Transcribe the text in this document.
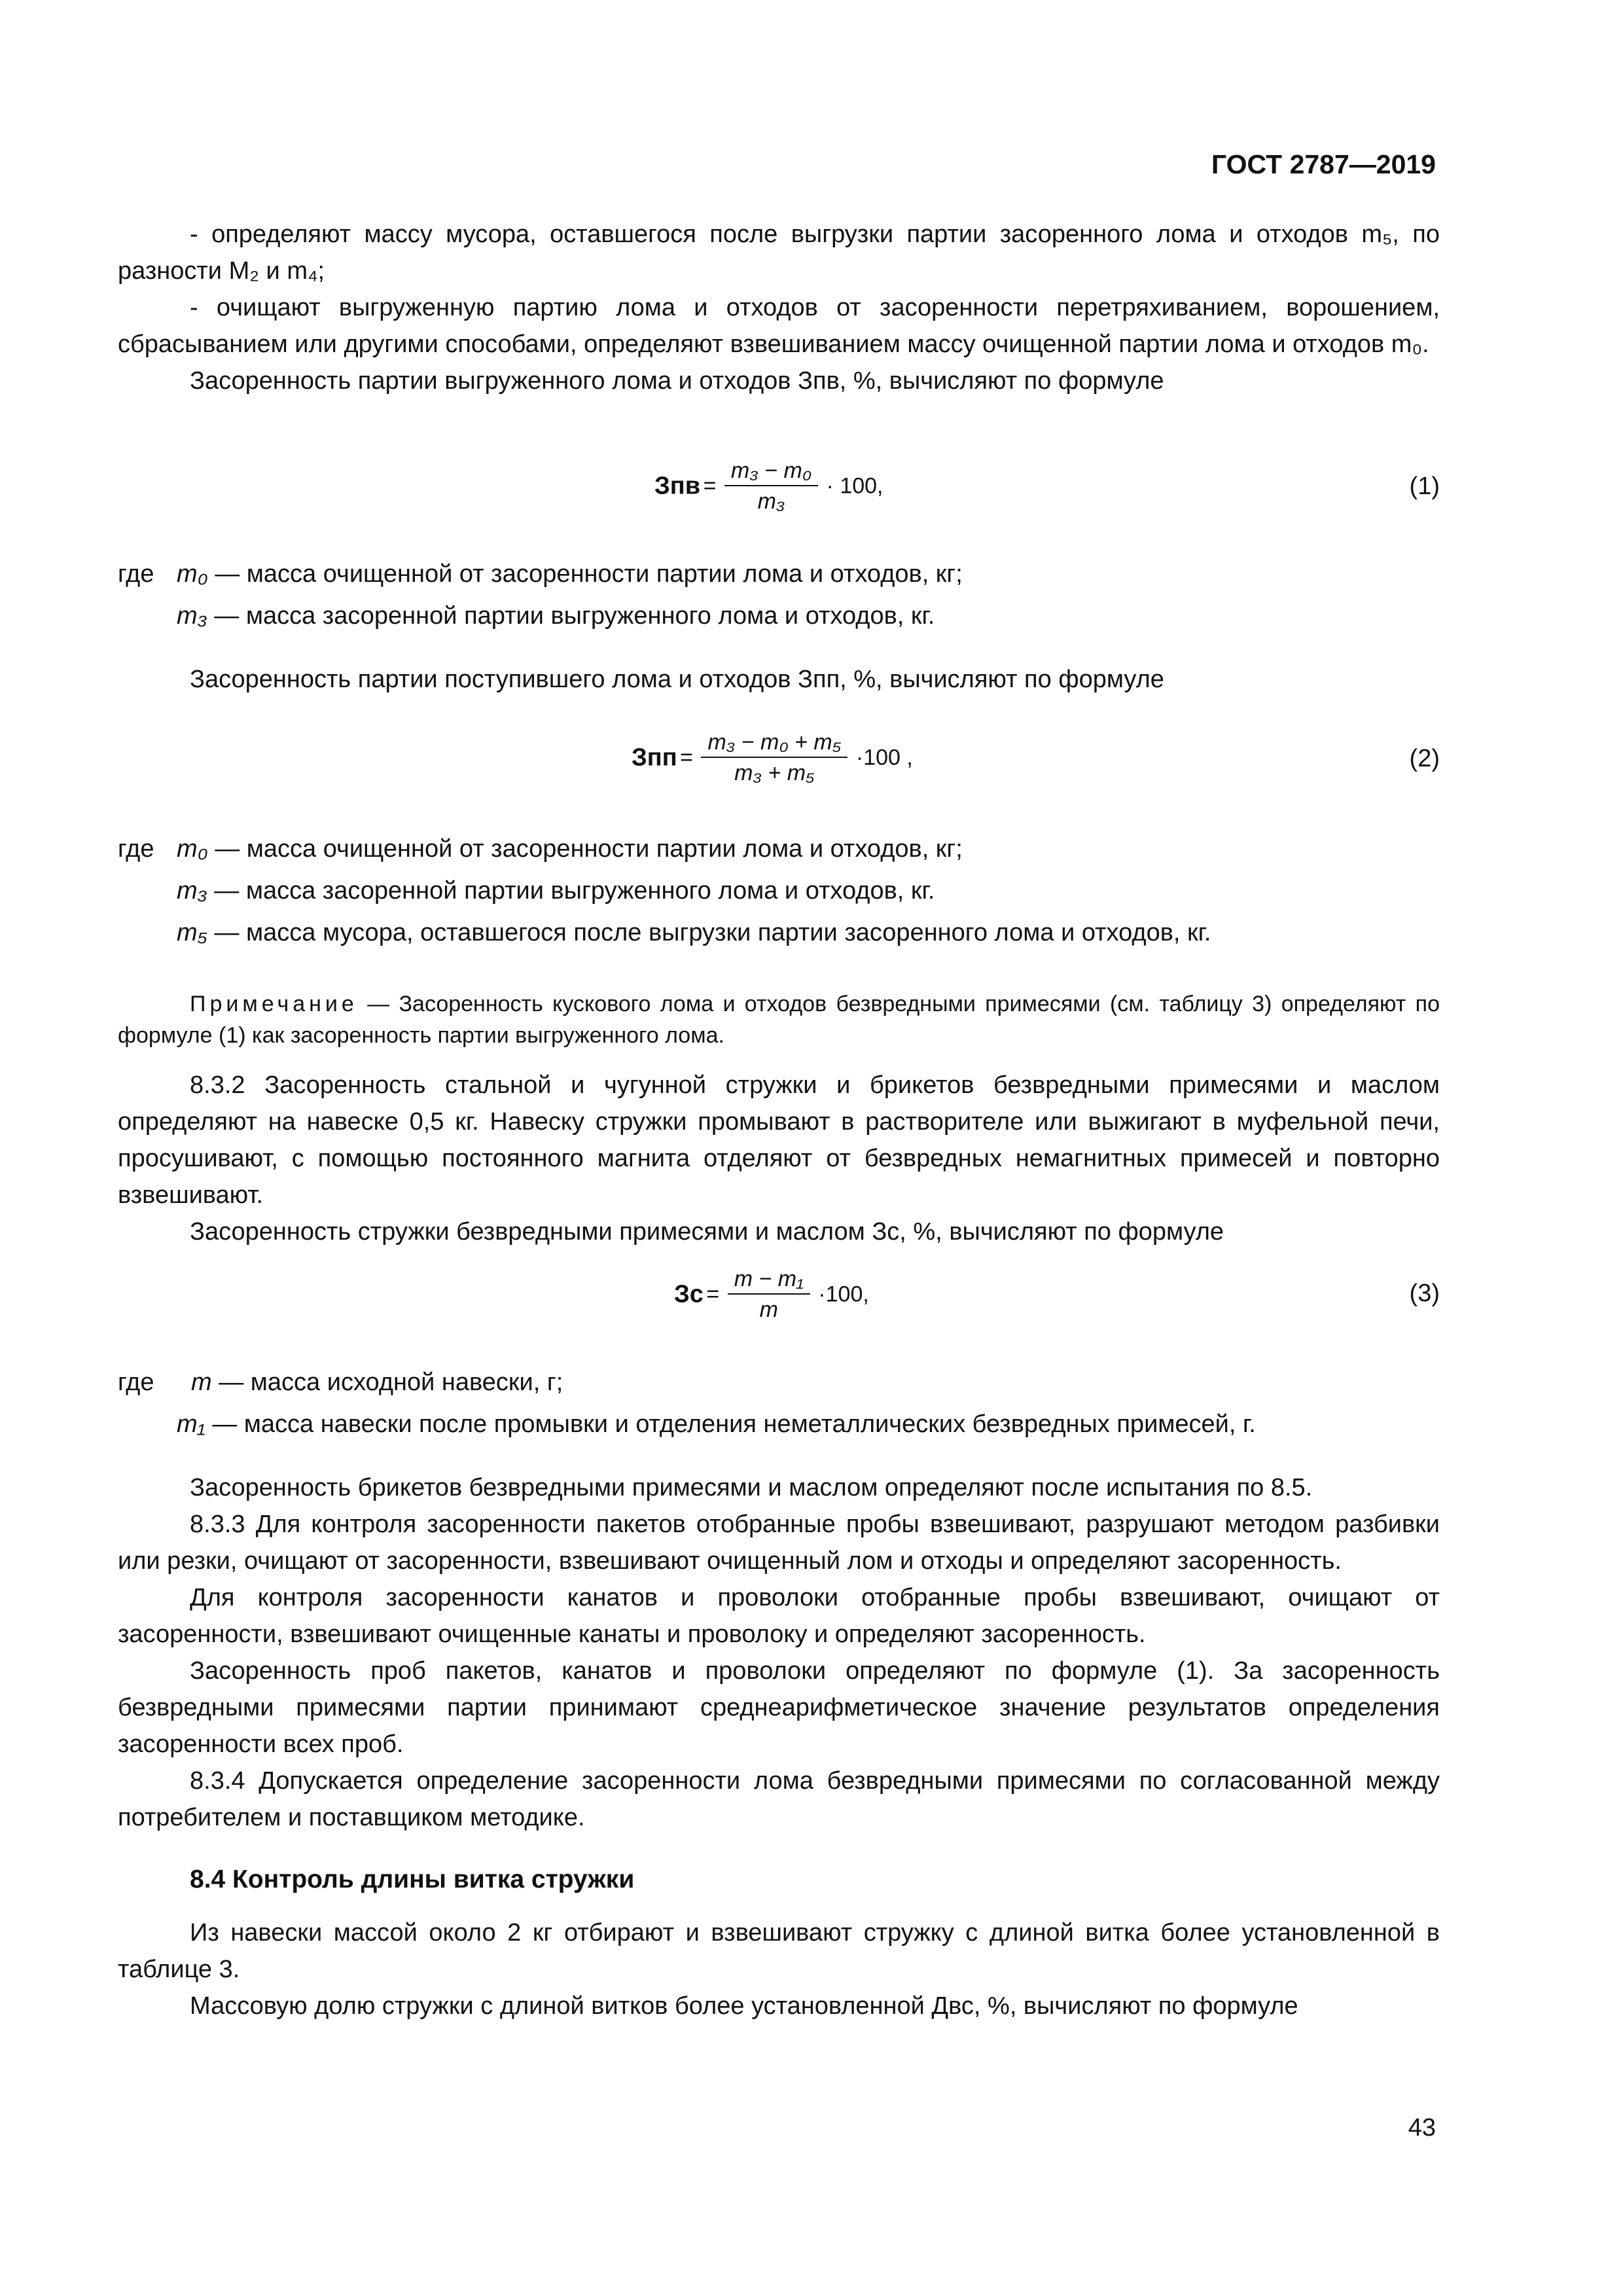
ГОСТ 2787—2019

- определяют массу мусора, оставшегося после выгрузки партии засоренного лома и отходов m₅, по разности M₂ и m₄;

- очищают выгруженную партию лома и отходов от засоренности перетряхиванием, ворошением, сбрасыванием или другими способами, определяют взвешиванием массу очищенной партии лома и отходов m₀.

Засоренность партии выгруженного лома и отходов Зпв, %, вычисляют по формуле

Зпв = $\frac{\text{m₃ − m₀}}{\text{m₃}} \cdot 100$,	(1)
где m₀ — масса очищенной от засоренности партии лома и отходов, кг;
m₃ — масса засоренной партии выгруженного лома и отходов, кг.

Засоренность партии поступившего лома и отходов Зпп, %, вычисляют по формуле

Зпп = $\frac{\text{m₃ − m₀ + m₅}}{\text{m₃ + m₅}} \cdot 100$ ,	(2)
где m₀ — масса очищенной от засоренности партии лома и отходов, кг;
m₃ — масса засоренной партии выгруженного лома и отходов, кг.
m₅ — масса мусора, оставшегося после выгрузки партии засоренного лома и отходов, кг.
Примечание — Засоренность кускового лома и отходов безвредными примесями (см. таблицу 3) определяют по формуле (1) как засоренность партии выгруженного лома.

8.3.2 Засоренность стальной и чугунной стружки и брикетов безвредными примесями и маслом определяют на навеске 0,5 кг. Навеску стружки промывают в растворителе или выжигают в муфельной печи, просушивают, с помощью постоянного магнита отделяют от безвредных немагнитных примесей и повторно взвешивают.

Засоренность стружки безвредными примесями и маслом Зс, %, вычисляют по формуле

Зс = $\frac{\text{m − m₁}}{m} \cdot 100$,	(3)
где m — масса исходной навески, г;
m₁ — масса навески после промывки и отделения неметаллических безвредных примесей, г.

Засоренность брикетов безвредными примесями и маслом определяют после испытания по 8.5.

8.3.3 Для контроля засоренности пакетов отобранные пробы взвешивают, разрушают методом разбивки или резки, очищают от засоренности, взвешивают очищенный лом и отходы и определяют засоренность.

Для контроля засоренности канатов и проволоки отобранные пробы взвешивают, очищают от засоренности, взвешивают очищенные канаты и проволоку и определяют засоренность.

Засоренность проб пакетов, канатов и проволоки определяют по формуле (1). За засоренность безвредными примесями партии принимают среднеарифметическое значение результатов определения засоренности всех проб.

8.3.4 Допускается определение засоренности лома безвредными примесями по согласованной между потребителем и поставщиком методике.

8.4 Контроль длины витка стружки

Из навески массой около 2 кг отбирают и взвешивают стружку с длиной витка более установленной в таблице 3.

Массовую долю стружки с длиной витков более установленной Двс, %, вычисляют по формуле

43
